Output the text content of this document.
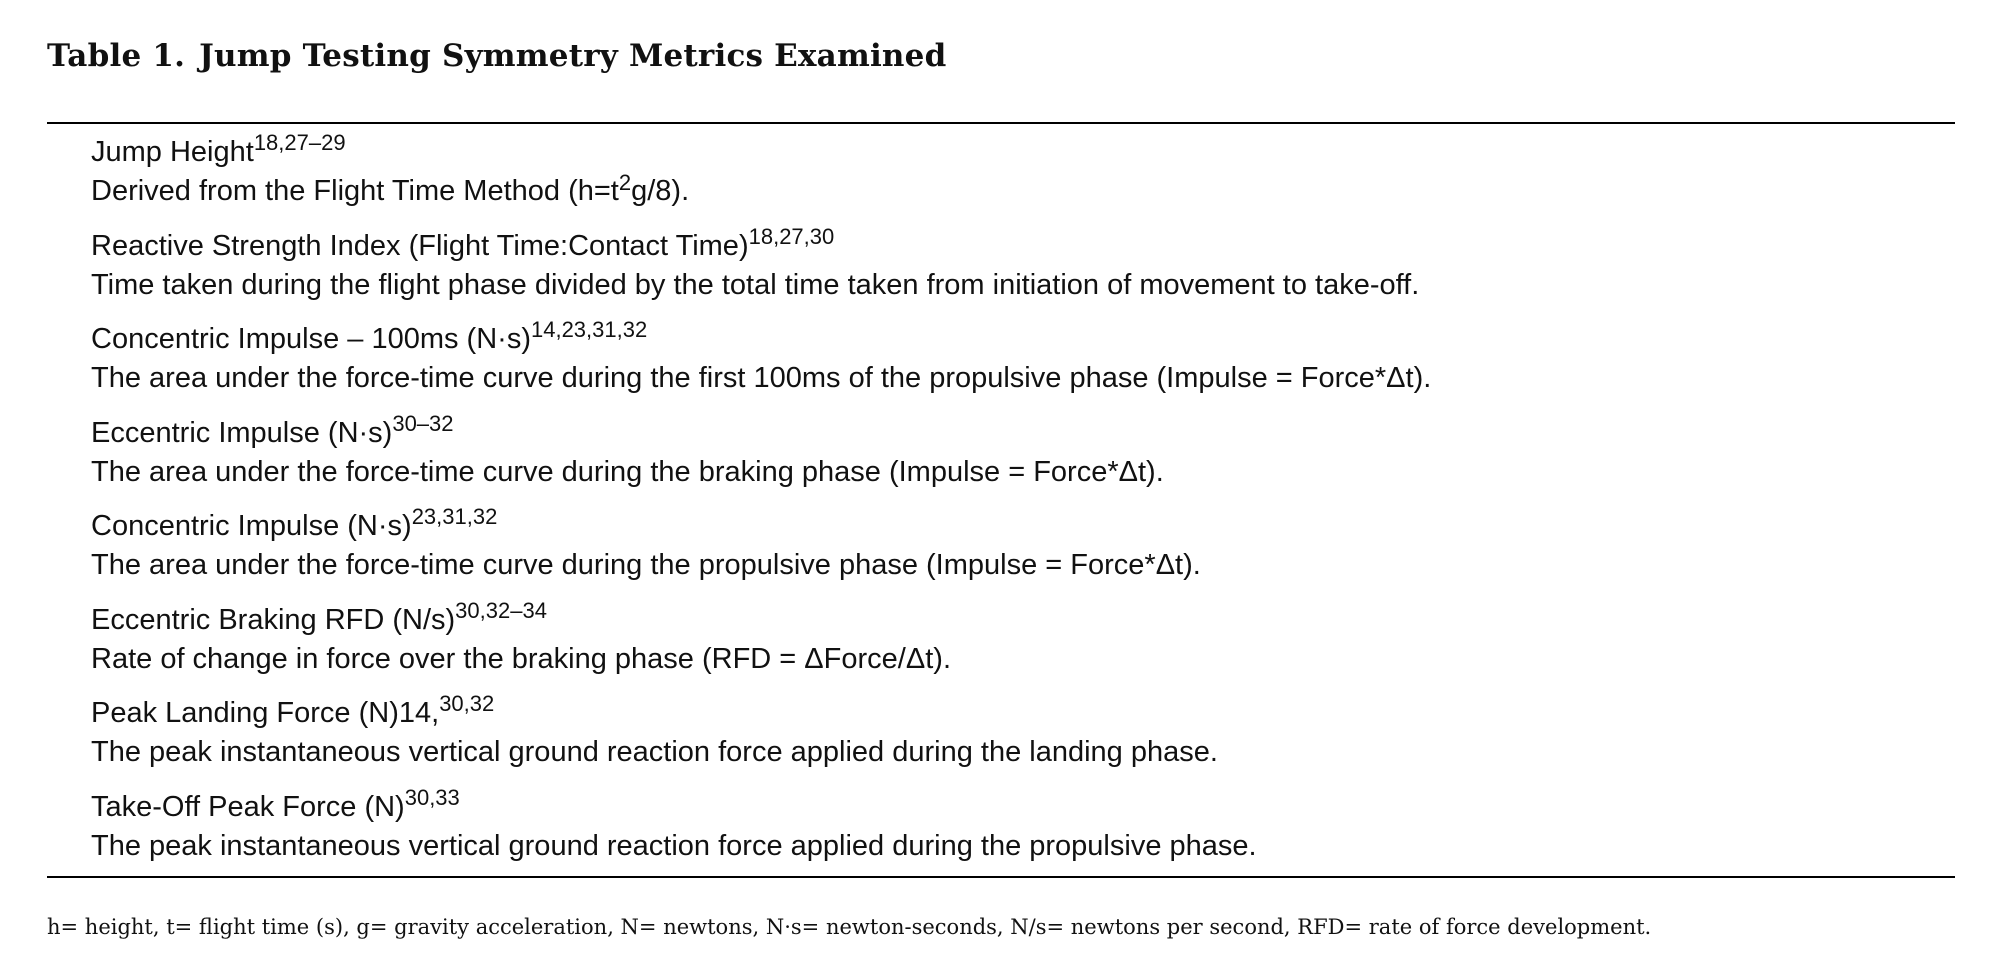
Table 1. Jump Testing Symmetry Metrics Examined
Jump Height$^{18,27-29}$
Derived from the Flight Time Method $(h=t^2g/8)$.
Reactive Strength Index (Flight Time:Contact Time)$^{18,27,30}$
Time taken during the flight phase divided by the total time taken from initiation of movement to take-off.
Concentric Impulse – 100ms $(N\cdot s)^{14,23,31,32}$
The area under the force-time curve during the first 100ms of the propulsive phase (Impulse = Force*Δt).
Eccentric Impulse $(N\cdot s)^{30-32}$
The area under the force-time curve during the braking phase (Impulse = Force*Δt).
Concentric Impulse $(N\cdot s)^{23,31,32}$
The area under the force-time curve during the propulsive phase (Impulse = Force*Δt).
Eccentric Braking RFD $(N/s)^{30,32-34}$
Rate of change in force over the braking phase (RFD = ΔForce/Δt).
Peak Landing Force (N)14,$^{30,32}$
The peak instantaneous vertical ground reaction force applied during the landing phase.
Take-Off Peak Force $(N)^{30,33}$
The peak instantaneous vertical ground reaction force applied during the propulsive phase.
h= height, t= flight time (s), g= gravity acceleration, N= newtons, N·s= newton-seconds, N/s= newtons per second, RFD= rate of force development.
